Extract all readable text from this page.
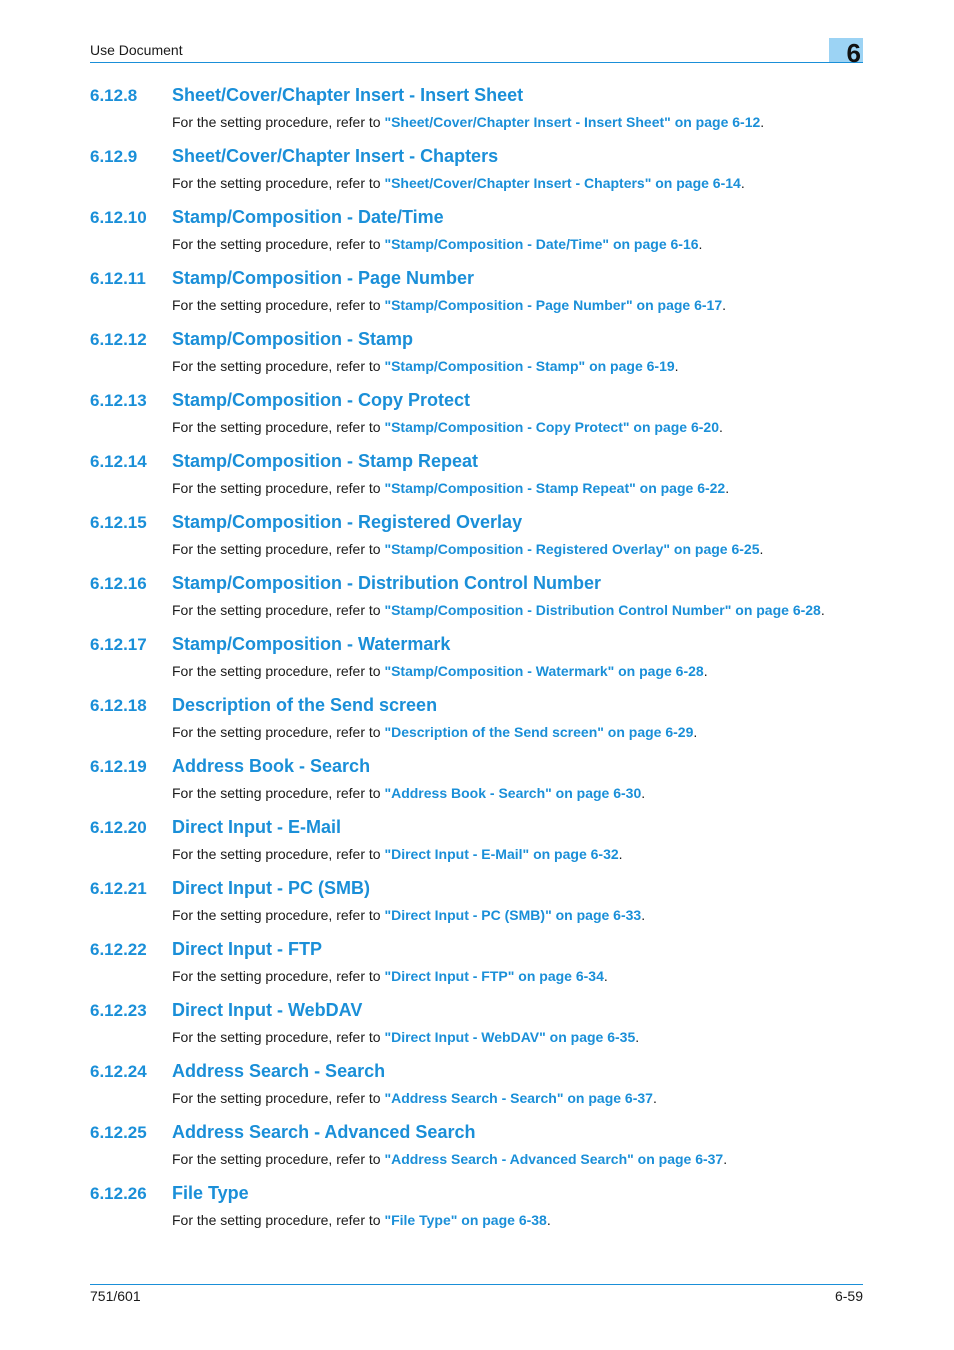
Use Document	6
6.12.8 Sheet/Cover/Chapter Insert - Insert Sheet
For the setting procedure, refer to "Sheet/Cover/Chapter Insert - Insert Sheet" on page 6-12.
6.12.9 Sheet/Cover/Chapter Insert - Chapters
For the setting procedure, refer to "Sheet/Cover/Chapter Insert - Chapters" on page 6-14.
6.12.10 Stamp/Composition - Date/Time
For the setting procedure, refer to "Stamp/Composition - Date/Time" on page 6-16.
6.12.11 Stamp/Composition - Page Number
For the setting procedure, refer to "Stamp/Composition - Page Number" on page 6-17.
6.12.12 Stamp/Composition - Stamp
For the setting procedure, refer to "Stamp/Composition - Stamp" on page 6-19.
6.12.13 Stamp/Composition - Copy Protect
For the setting procedure, refer to "Stamp/Composition - Copy Protect" on page 6-20.
6.12.14 Stamp/Composition - Stamp Repeat
For the setting procedure, refer to "Stamp/Composition - Stamp Repeat" on page 6-22.
6.12.15 Stamp/Composition - Registered Overlay
For the setting procedure, refer to "Stamp/Composition - Registered Overlay" on page 6-25.
6.12.16 Stamp/Composition - Distribution Control Number
For the setting procedure, refer to "Stamp/Composition - Distribution Control Number" on page 6-28.
6.12.17 Stamp/Composition - Watermark
For the setting procedure, refer to "Stamp/Composition - Watermark" on page 6-28.
6.12.18 Description of the Send screen
For the setting procedure, refer to "Description of the Send screen" on page 6-29.
6.12.19 Address Book - Search
For the setting procedure, refer to "Address Book - Search" on page 6-30.
6.12.20 Direct Input - E-Mail
For the setting procedure, refer to "Direct Input - E-Mail" on page 6-32.
6.12.21 Direct Input - PC (SMB)
For the setting procedure, refer to "Direct Input - PC (SMB)" on page 6-33.
6.12.22 Direct Input - FTP
For the setting procedure, refer to "Direct Input - FTP" on page 6-34.
6.12.23 Direct Input - WebDAV
For the setting procedure, refer to "Direct Input - WebDAV" on page 6-35.
6.12.24 Address Search - Search
For the setting procedure, refer to "Address Search - Search" on page 6-37.
6.12.25 Address Search - Advanced Search
For the setting procedure, refer to "Address Search - Advanced Search" on page 6-37.
6.12.26 File Type
For the setting procedure, refer to "File Type" on page 6-38.
751/601	6-59
